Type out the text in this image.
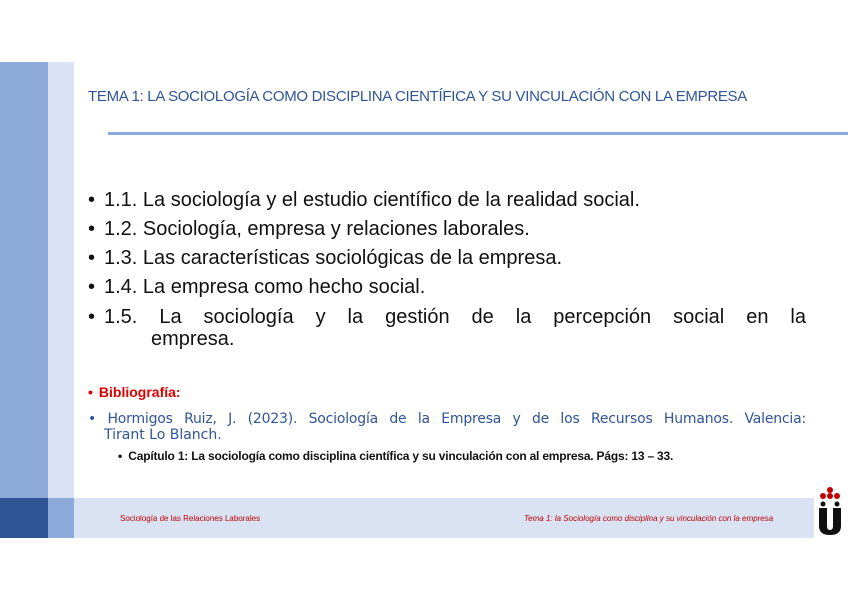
TEMA 1: LA SOCIOLOGÍA COMO DISCIPLINA CIENTÍFICA Y SU VINCULACIÓN CON LA EMPRESA
• 1.1. La sociología y el estudio científico de la realidad social.
• 1.2. Sociología, empresa y relaciones laborales.
• 1.3. Las características sociológicas de la empresa.
• 1.4. La empresa como hecho social.
• 1.5. La sociología y la gestión de la percepción social en la
empresa.
• Bibliografía:
• Hormigos Ruiz, J. (2023). Sociología de la Empresa y de los Recursos Humanos. Valencia:
Tirant Lo Blanch.
• Capítulo 1: La sociología como disciplina científica y su vinculación con al empresa. Págs: 13 – 33.
Sociología de las Relaciones Laborales	Tema 1: la Sociología como disciplina y su vinculación con la empresa
